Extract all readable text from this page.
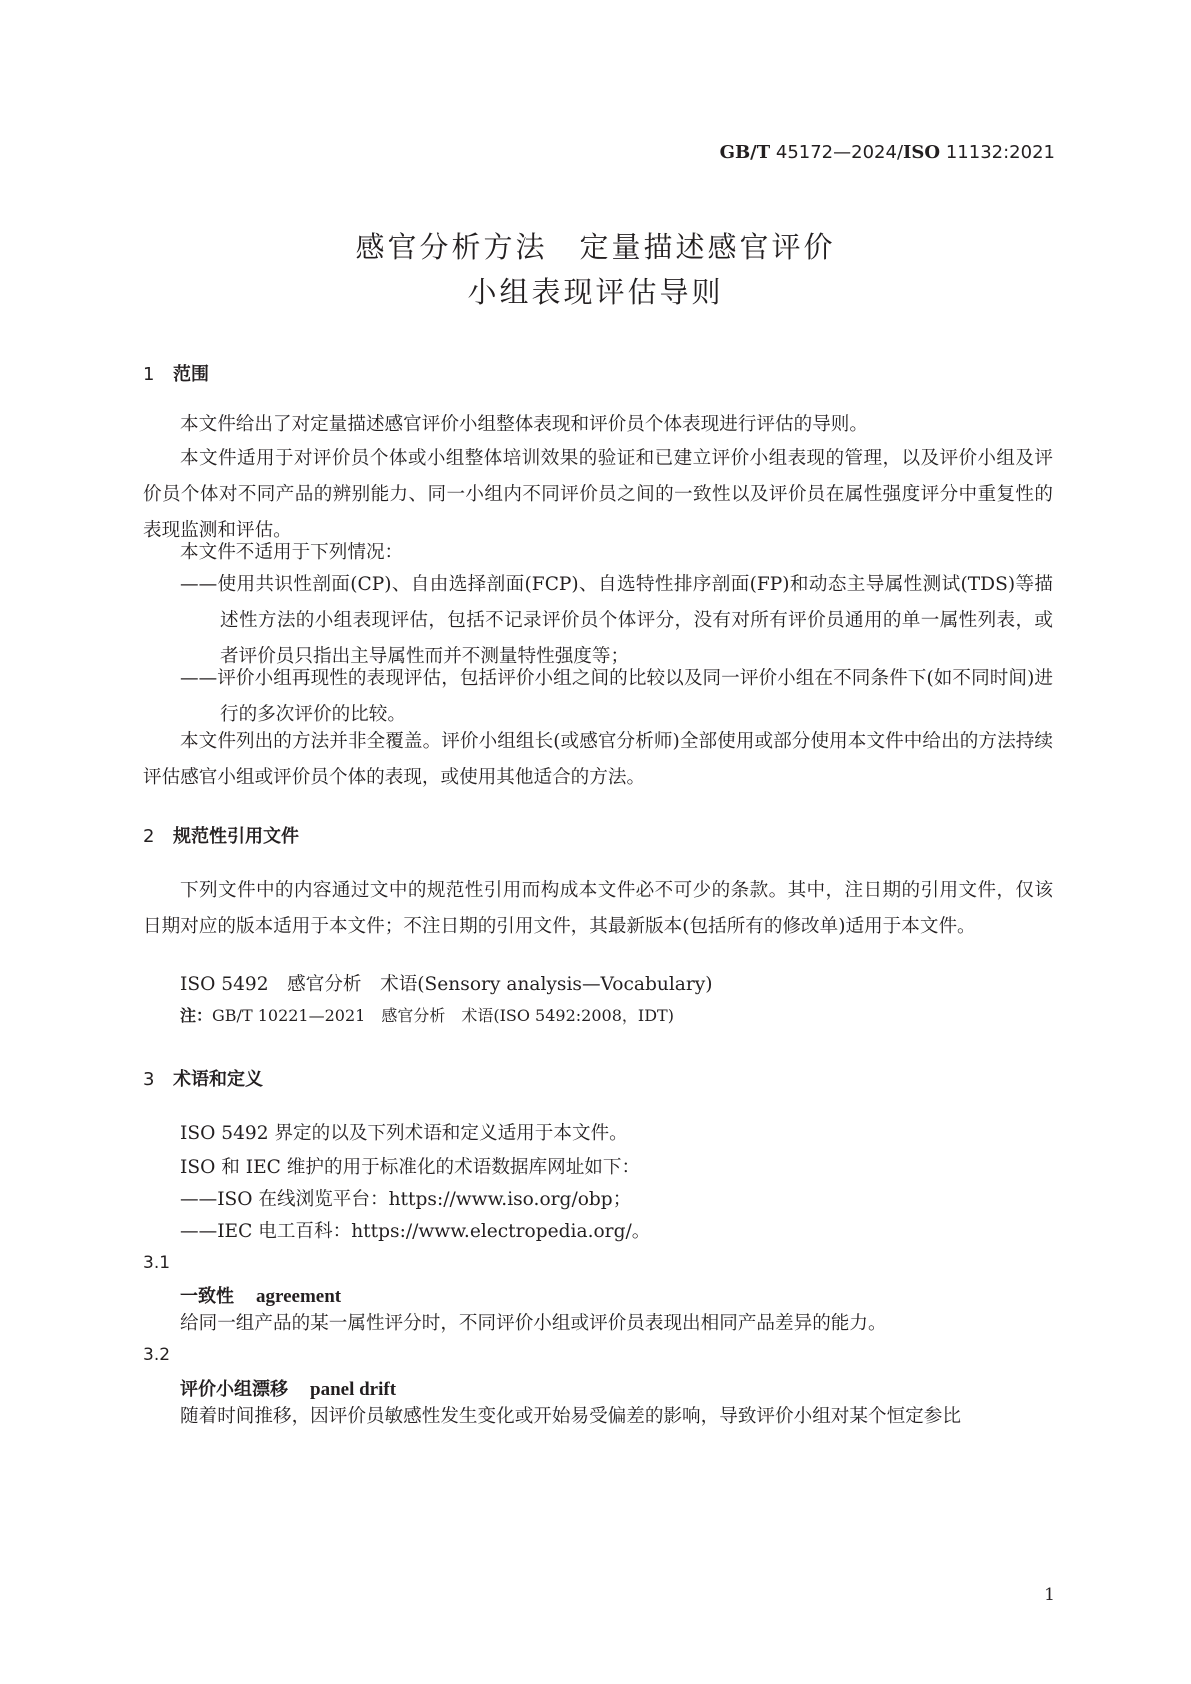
GB/T 45172—2024/ISO 11132:2021
感官分析方法　定量描述感官评价
小组表现评估导则
1 范围
本文件给出了对定量描述感官评价小组整体表现和评价员个体表现进行评估的导则。
本文件适用于对评价员个体或小组整体培训效果的验证和已建立评价小组表现的管理，以及评价小组及评价员个体对不同产品的辨别能力、同一小组内不同评价员之间的一致性以及评价员在属性强度评分中重复性的表现监测和评估。
本文件不适用于下列情况：
——使用共识性剖面(CP)、自由选择剖面(FCP)、自选特性排序剖面(FP)和动态主导属性测试(TDS)等描述性方法的小组表现评估，包括不记录评价员个体评分，没有对所有评价员通用的单一属性列表，或者评价员只指出主导属性而并不测量特性强度等；
——评价小组再现性的表现评估，包括评价小组之间的比较以及同一评价小组在不同条件下(如不同时间)进行的多次评价的比较。
本文件列出的方法并非全覆盖。评价小组组长(或感官分析师)全部使用或部分使用本文件中给出的方法持续评估感官小组或评价员个体的表现，或使用其他适合的方法。
2 规范性引用文件
下列文件中的内容通过文中的规范性引用而构成本文件必不可少的条款。其中，注日期的引用文件，仅该日期对应的版本适用于本文件；不注日期的引用文件，其最新版本(包括所有的修改单)适用于本文件。
ISO 5492　感官分析　术语(Sensory analysis—Vocabulary)
注：GB/T 10221—2021　感官分析　术语(ISO 5492:2008，IDT)
3 术语和定义
ISO 5492 界定的以及下列术语和定义适用于本文件。
ISO 和 IEC 维护的用于标准化的术语数据库网址如下：
——ISO 在线浏览平台：https://www.iso.org/obp；
——IEC 电工百科：https://www.electropedia.org/。
3.1
一致性 agreement
给同一组产品的某一属性评分时，不同评价小组或评价员表现出相同产品差异的能力。
3.2
评价小组漂移 panel drift
随着时间推移，因评价员敏感性发生变化或开始易受偏差的影响，导致评价小组对某个恒定参比
1
